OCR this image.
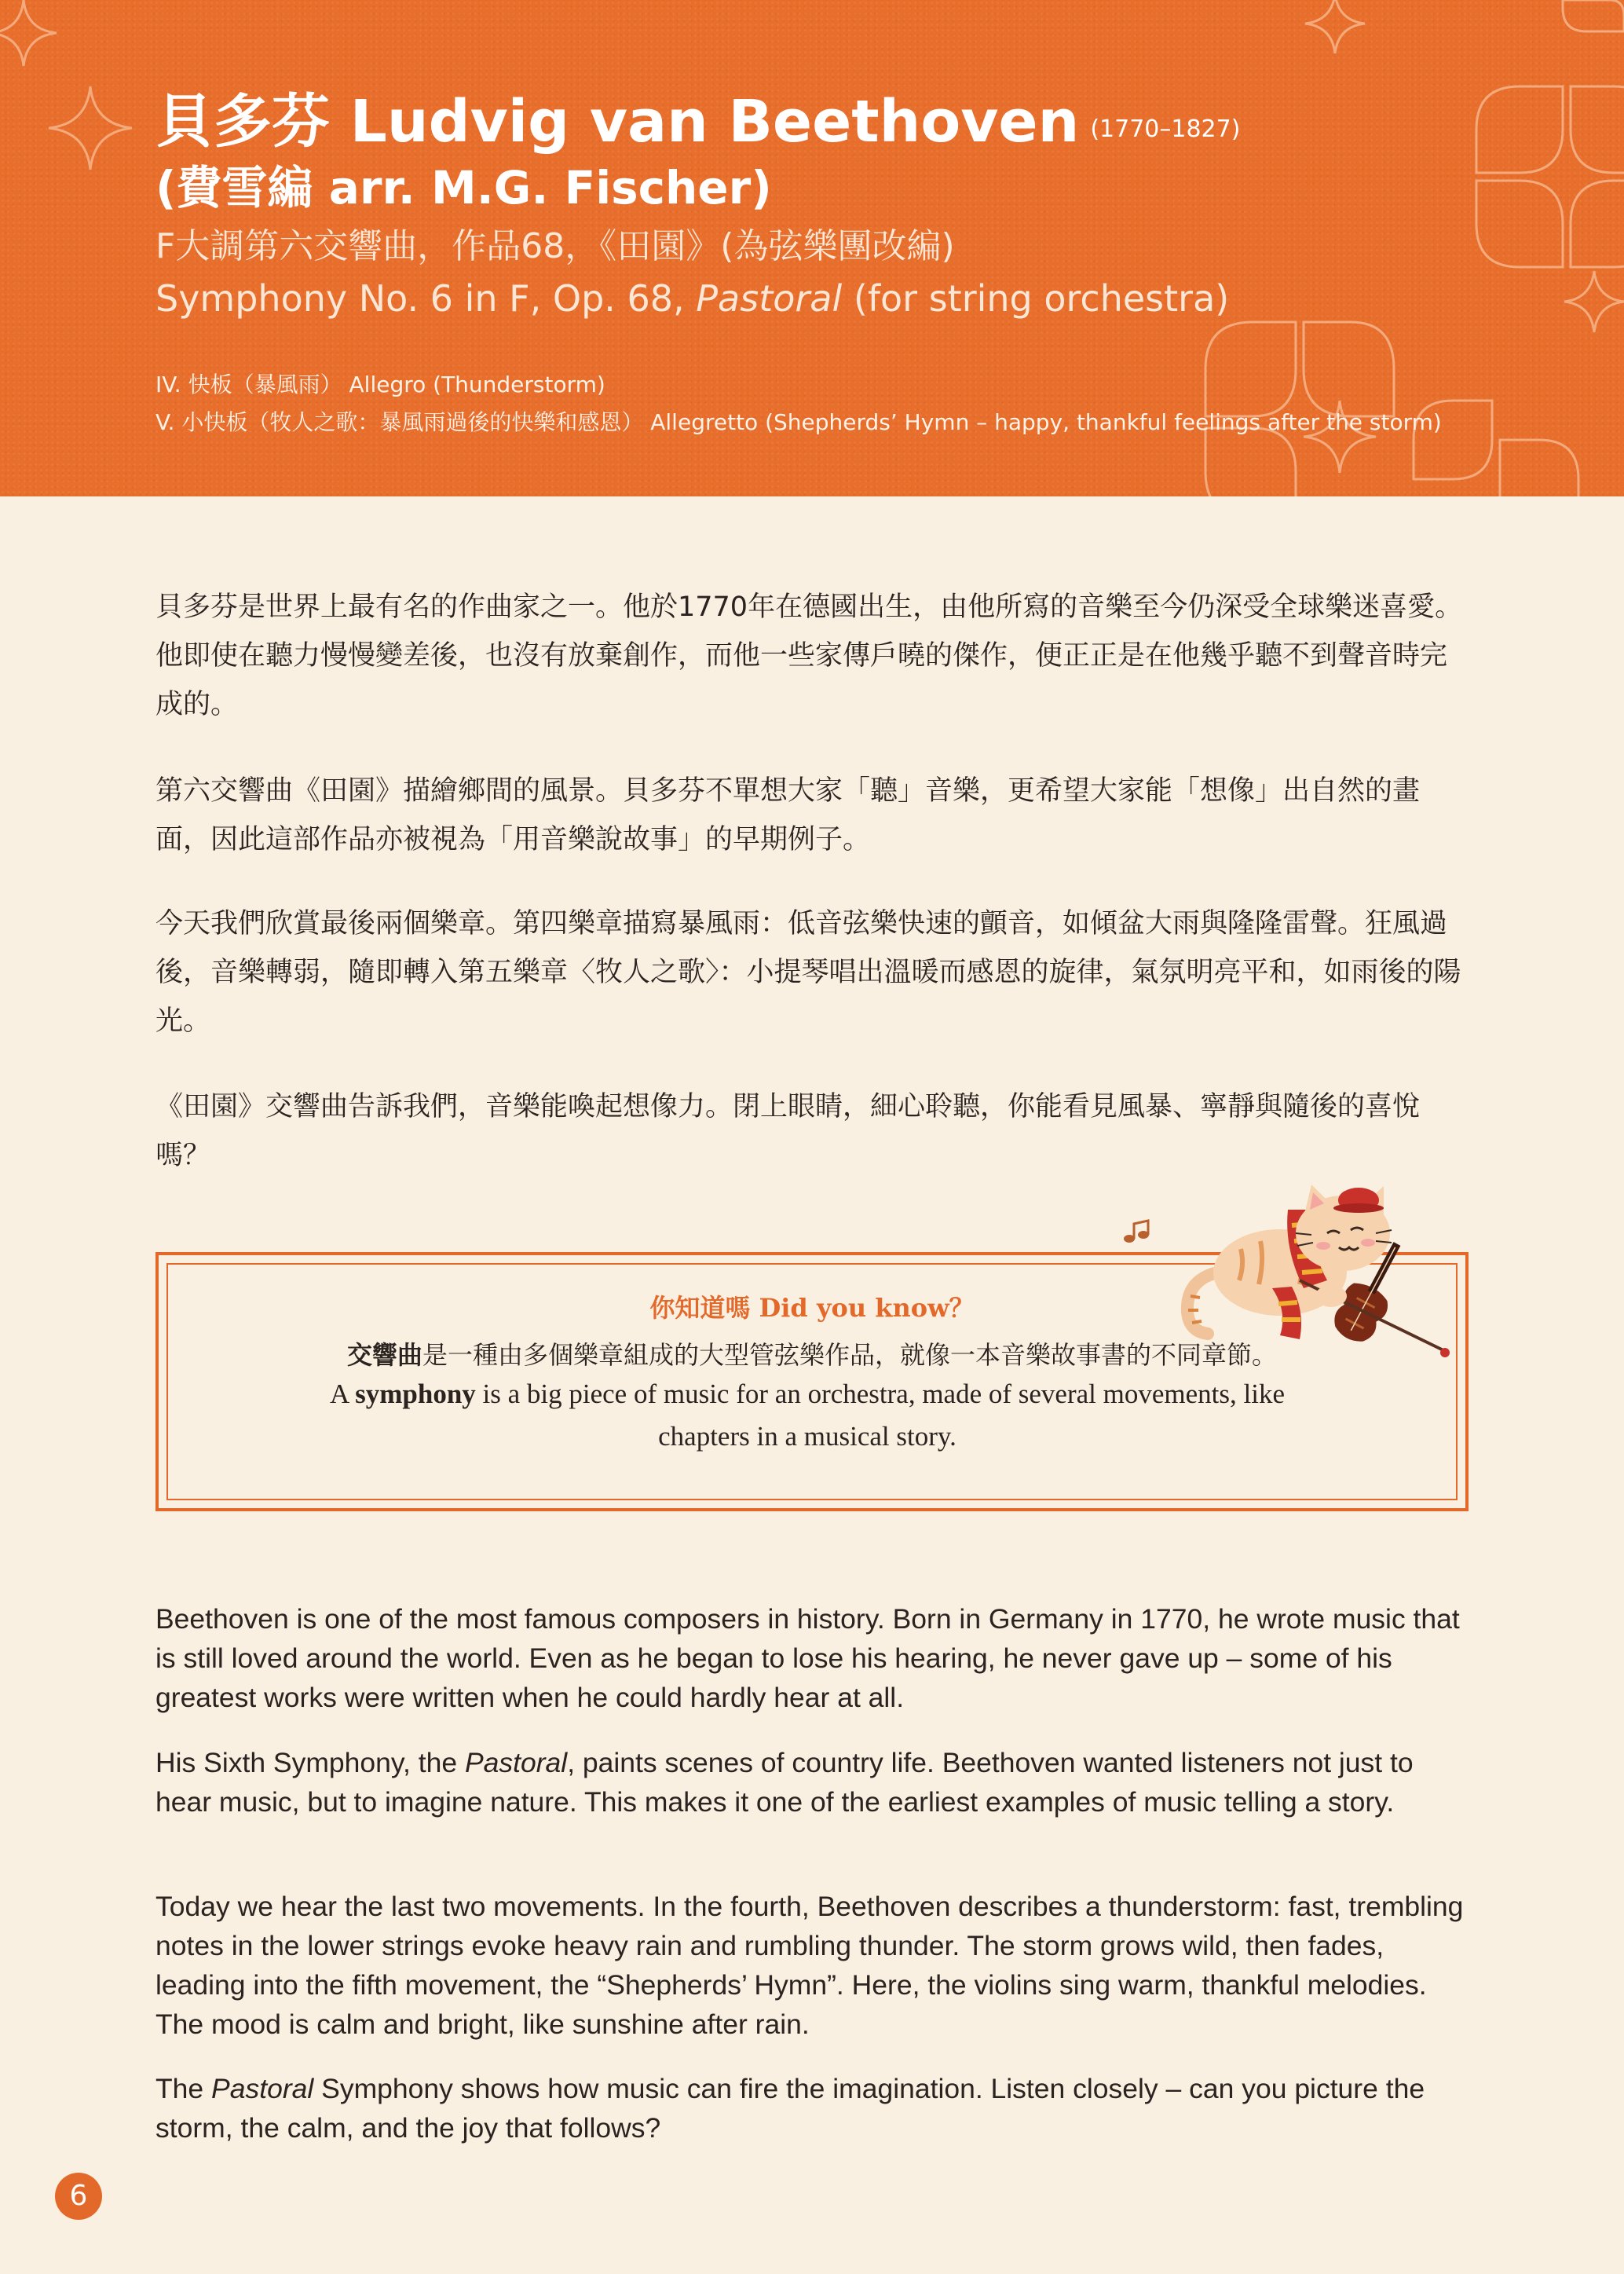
貝多芬 Ludvig van Beethoven (1770–1827)
(費雪編 arr. M.G. Fischer)
F大調第六交響曲，作品68，《田園》(為弦樂團改編)
Symphony No. 6 in F, Op. 68, Pastoral (for string orchestra)
IV. 快板（暴風雨） Allegro (Thunderstorm)
V. 小快板（牧人之歌：暴風雨過後的快樂和感恩） Allegretto (Shepherds’ Hymn – happy, thankful feelings after the storm)
貝多芬是世界上最有名的作曲家之一。他於1770年在德國出生，由他所寫的音樂至今仍深受全球樂迷喜愛。他即使在聽力慢慢變差後，也沒有放棄創作，而他一些家傳戶曉的傑作，便正正是在他幾乎聽不到聲音時完成的。
第六交響曲《田園》描繪鄉間的風景。貝多芬不單想大家「聽」音樂，更希望大家能「想像」出自然的畫面，因此這部作品亦被視為「用音樂說故事」的早期例子。
今天我們欣賞最後兩個樂章。第四樂章描寫暴風雨：低音弦樂快速的顫音，如傾盆大雨與隆隆雷聲。狂風過後，音樂轉弱，隨即轉入第五樂章〈牧人之歌〉：小提琴唱出溫暖而感恩的旋律，氣氛明亮平和，如雨後的陽光。
《田園》交響曲告訴我們，音樂能喚起想像力。閉上眼睛，細心聆聽，你能看見風暴、寧靜與隨後的喜悅嗎？
你知道嗎 Did you know？
交響曲是一種由多個樂章組成的大型管弦樂作品，就像一本音樂故事書的不同章節。
A symphony is a big piece of music for an orchestra, made of several movements, like chapters in a musical story.
Beethoven is one of the most famous composers in history. Born in Germany in 1770, he wrote music that is still loved around the world. Even as he began to lose his hearing, he never gave up – some of his greatest works were written when he could hardly hear at all.
His Sixth Symphony, the Pastoral, paints scenes of country life. Beethoven wanted listeners not just to hear music, but to imagine nature. This makes it one of the earliest examples of music telling a story.
Today we hear the last two movements. In the fourth, Beethoven describes a thunderstorm: fast, trembling notes in the lower strings evoke heavy rain and rumbling thunder. The storm grows wild, then fades, leading into the fifth movement, the “Shepherds’ Hymn”. Here, the violins sing warm, thankful melodies. The mood is calm and bright, like sunshine after rain.
The Pastoral Symphony shows how music can fire the imagination. Listen closely – can you picture the storm, the calm, and the joy that follows?
6
